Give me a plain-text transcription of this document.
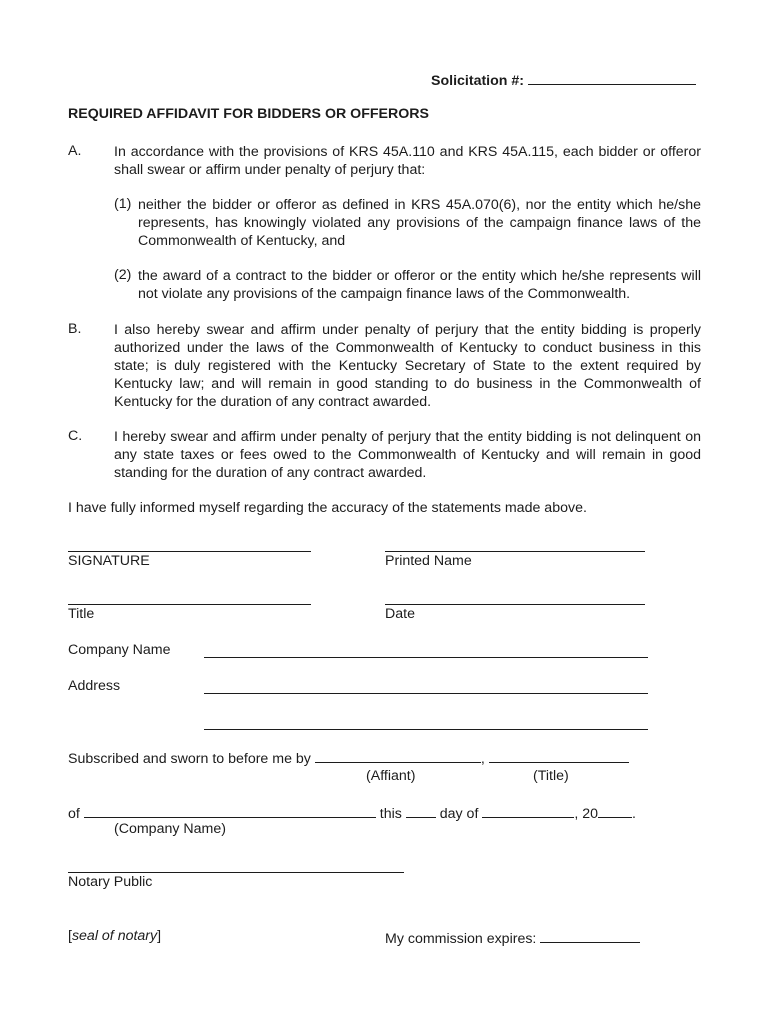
Solicitation #:
REQUIRED AFFIDAVIT FOR BIDDERS OR OFFERORS
A. In accordance with the provisions of KRS 45A.110 and KRS 45A.115, each bidder or offeror shall swear or affirm under penalty of perjury that:
(1) neither the bidder or offeror as defined in KRS 45A.070(6), nor the entity which he/she represents, has knowingly violated any provisions of the campaign finance laws of the Commonwealth of Kentucky, and
(2) the award of a contract to the bidder or offeror or the entity which he/she represents will not violate any provisions of the campaign finance laws of the Commonwealth.
B. I also hereby swear and affirm under penalty of perjury that the entity bidding is properly authorized under the laws of the Commonwealth of Kentucky to conduct business in this state; is duly registered with the Kentucky Secretary of State to the extent required by Kentucky law; and will remain in good standing to do business in the Commonwealth of Kentucky for the duration of any contract awarded.
C. I hereby swear and affirm under penalty of perjury that the entity bidding is not delinquent on any state taxes or fees owed to the Commonwealth of Kentucky and will remain in good standing for the duration of any contract awarded.
I have fully informed myself regarding the accuracy of the statements made above.
SIGNATURE	Printed Name
Title	Date
Company Name
Address
Subscribed and sworn to before me by	,
(Affiant)	(Title)
of	this	day of	, 20 .
(Company Name)
Notary Public
[seal of notary]	My commission expires:
